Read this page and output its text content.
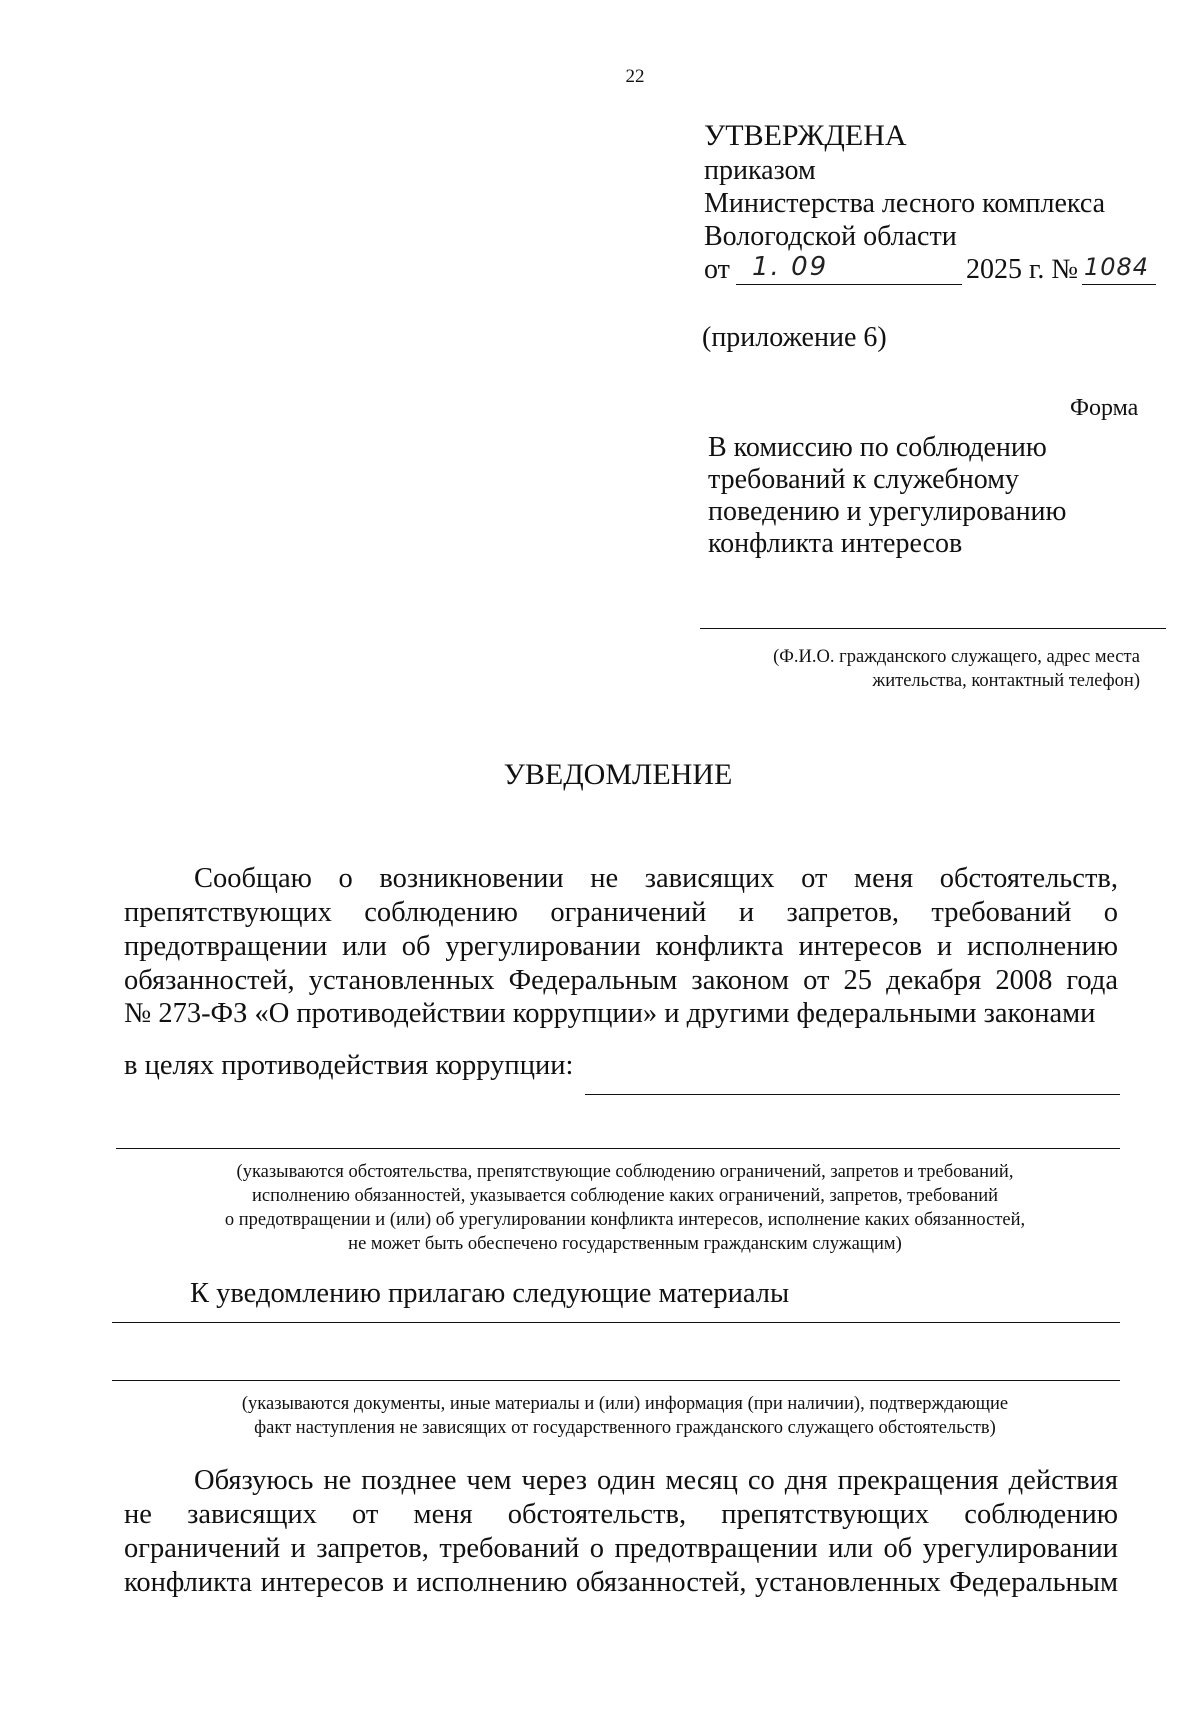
22
УТВЕРЖДЕНА
приказом
Министерства лесного комплекса
Вологодской области
от 1. 09	2025 г. № 1084
(приложение 6)
Форма
В комиссию по соблюдению
требований к служебному
поведению и урегулированию
конфликта интересов
(Ф.И.О. гражданского служащего, адрес места
жительства, контактный телефон)
УВЕДОМЛЕНИЕ
Сообщаю о возникновении не зависящих от меня обстоятельств,
препятствующих соблюдению ограничений и запретов, требований о
предотвращении или об урегулировании конфликта интересов и исполнению
обязанностей, установленных Федеральным законом от 25 декабря 2008 года
№ 273-ФЗ «О противодействии коррупции» и другими федеральными законами
в целях противодействия коррупции:
(указываются обстоятельства, препятствующие соблюдению ограничений, запретов и требований,
исполнению обязанностей, указывается соблюдение каких ограничений, запретов, требований
о предотвращении и (или) об урегулировании конфликта интересов, исполнение каких обязанностей,
не может быть обеспечено государственным гражданским служащим)
К уведомлению прилагаю следующие материалы
(указываются документы, иные материалы и (или) информация (при наличии), подтверждающие
факт наступления не зависящих от государственного гражданского служащего обстоятельств)
Обязуюсь не позднее чем через один месяц со дня прекращения действия
не зависящих от меня обстоятельств, препятствующих соблюдению
ограничений и запретов, требований о предотвращении или об урегулировании
конфликта интересов и исполнению обязанностей, установленных Федеральным
